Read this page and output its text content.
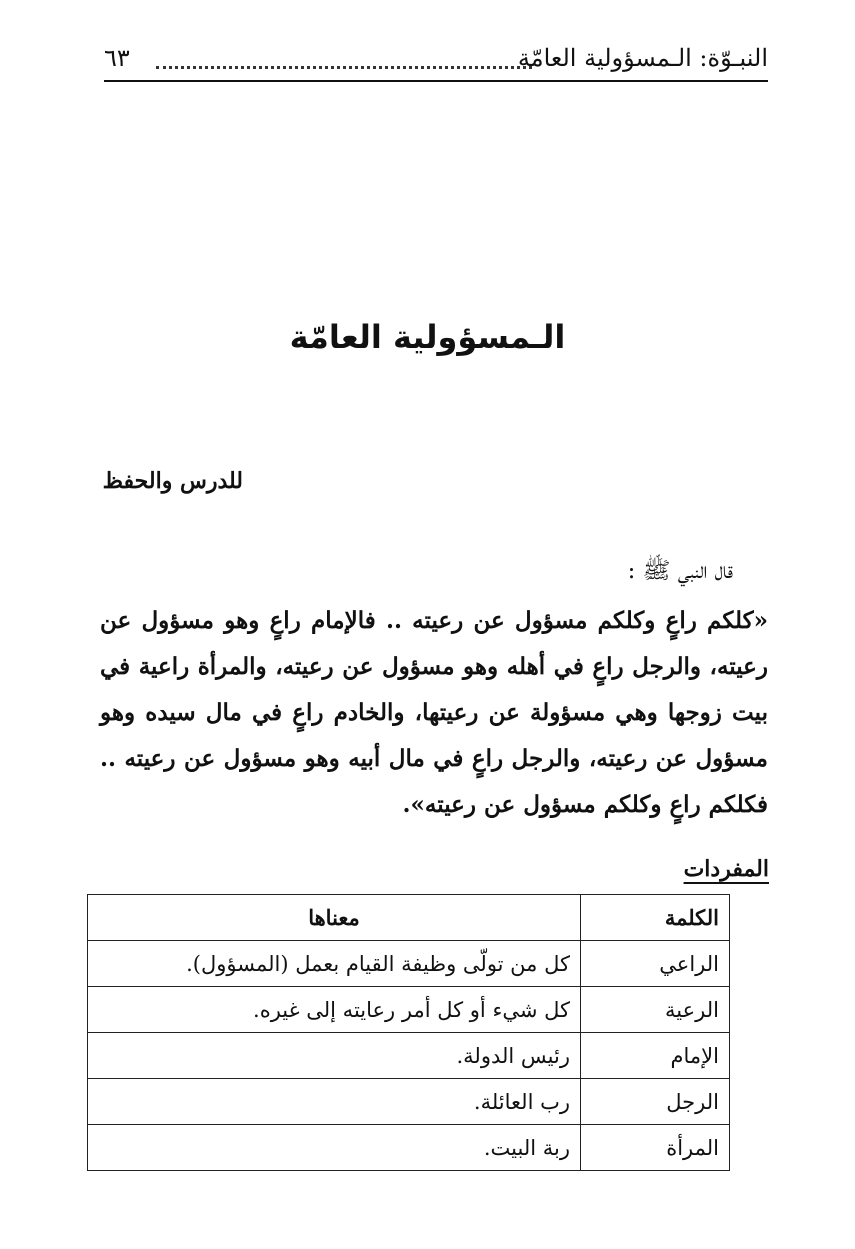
النبـوّة: الـمسؤولية العامّة
٦٣
الـمسؤولية العامّة
للدرس والحفظ
قال النبي ﷺ :

«كلكم راعٍ وكلكم مسؤول عن رعيته .. فالإمام راعٍ وهو مسؤول عن رعيته، والرجل راعٍ في أهله وهو مسؤول عن رعيته، والمرأة راعية في بيت زوجها وهي مسؤولة عن رعيتها، والخادم راعٍ في مال سيده وهو مسؤول عن رعيته، والرجل راعٍ في مال أبيه وهو مسؤول عن رعيته .. فكلكم راعٍ وكلكم مسؤول عن رعيته».

المفردات
الكلمة	معناها
الراعي	كل من تولّى وظيفة القيام بعمل (المسؤول).
الرعية	كل شيء أو كل أمر رعايته إلى غيره.
الإمام	رئيس الدولة.
الرجل	رب العائلة.
المرأة	ربة البيت.
